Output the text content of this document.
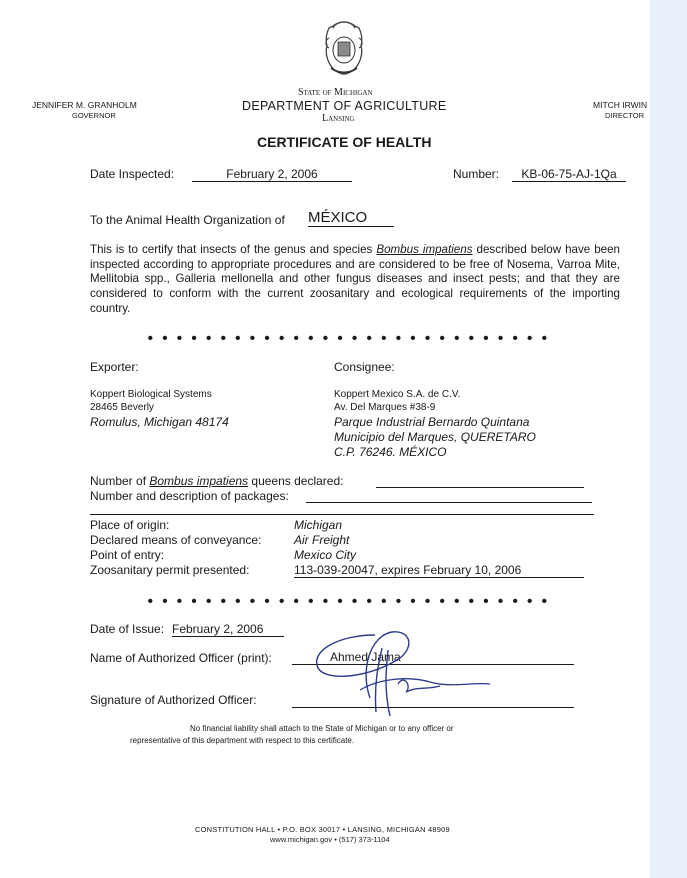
JENNIFER M. GRANHOLM
GOVERNOR
State of Michigan
DEPARTMENT OF AGRICULTURE
Lansing
MITCH IRWIN
DIRECTOR
CERTIFICATE OF HEALTH
Date Inspected:	February 2, 2006	Number:	KB-06-75-AJ-1Qa
To the Animal Health Organization of MÉXICO
This is to certify that insects of the genus and species Bombus impatiens described below have been inspected according to appropriate procedures and are considered to be free of Nosema, Varroa Mite, Mellitobia spp., Galleria mellonella and other fungus diseases and insect pests; and that they are considered to conform with the current zoosanitary and ecological requirements of the importing country.
• • • • • • • • • • • • • • • • • • • • • • • • • • • •
Exporter:
Koppert Biological Systems
28465 Beverly
Romulus, Michigan 48174
Consignee:
Koppert Mexico S.A. de C.V.
Av. Del Marques #38-9
Parque Industrial Bernardo Quintana
Municipio del Marques, QUERETARO
C.P. 76246. MÉXICO
Number of Bombus impatiens queens declared:
Number and description of packages:
Place of origin:	Michigan
Declared means of conveyance:	Air Freight
Point of entry:	Mexico City
Zoosanitary permit presented:	113-039-20047, expires February 10, 2006
• • • • • • • • • • • • • • • • • • • • • • • • • • • •
Date of Issue: February 2, 2006
Name of Authorized Officer (print):	Ahmed Jama
Signature of Authorized Officer:
No financial liability shall attach to the State of Michigan or to any officer or
representative of this department with respect to this certificate.
CONSTITUTION HALL • P.O. BOX 30017 • LANSING, MICHIGAN 48909
www.michigan.gov • (517) 373-1104
